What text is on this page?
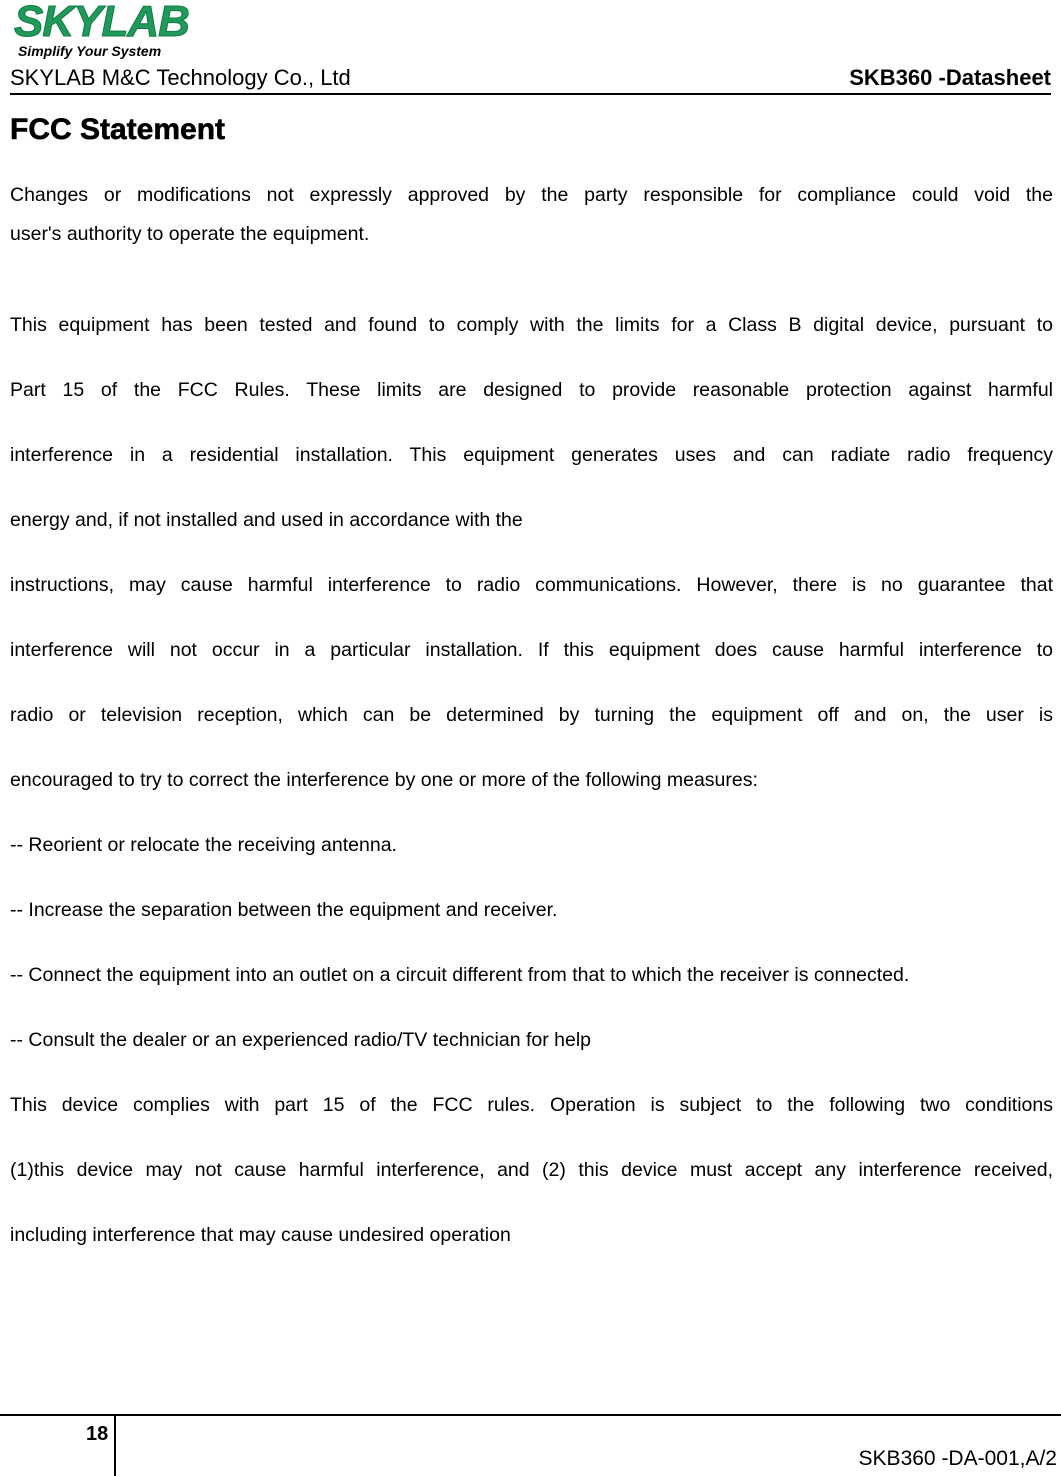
SKYLAB
Simplify Your System
SKYLAB M&C Technology Co., Ltd	SKB360 -Datasheet
FCC Statement
Changes or modifications not expressly approved by the party responsible for compliance could void the
user's authority to operate the equipment.
This equipment has been tested and found to comply with the limits for a Class B digital device, pursuant to
Part 15 of the FCC Rules. These limits are designed to provide reasonable protection against harmful
interference in a residential installation. This equipment generates uses and can radiate radio frequency
energy and, if not installed and used in accordance with the
instructions, may cause harmful interference to radio communications. However, there is no guarantee that
interference will not occur in a particular installation. If this equipment does cause harmful interference to
radio or television reception, which can be determined by turning the equipment off and on, the user is
encouraged to try to correct the interference by one or more of the following measures:
-- Reorient or relocate the receiving antenna.
-- Increase the separation between the equipment and receiver.
-- Connect the equipment into an outlet on a circuit different from that to which the receiver is connected.
-- Consult the dealer or an experienced radio/TV technician for help
This device complies with part 15 of the FCC rules. Operation is subject to the following two conditions
(1)this device may not cause harmful interference, and (2) this device must accept any interference received,
including interference that may cause undesired operation
18
SKB360 -DA-001,A/2
